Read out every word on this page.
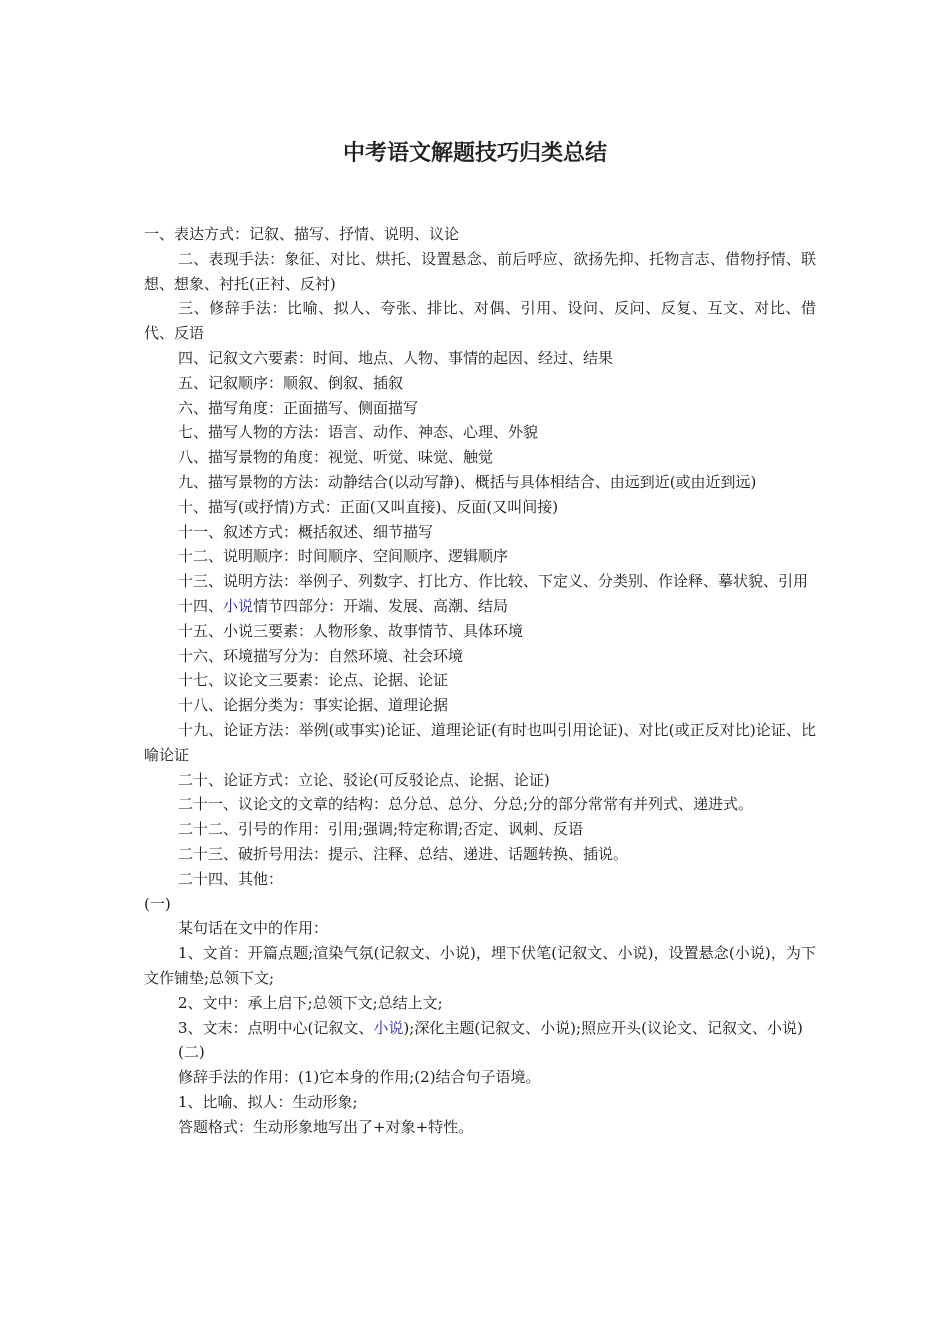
中考语文解题技巧归类总结

一、表达方式：记叙、描写、抒情、说明、议论

二、表现手法：象征、对比、烘托、设置悬念、前后呼应、欲扬先抑、托物言志、借物抒情、联想、想象、衬托(正衬、反衬)

三、修辞手法：比喻、拟人、夸张、排比、对偶、引用、设问、反问、反复、互文、对比、借代、反语

四、记叙文六要素：时间、地点、人物、事情的起因、经过、结果

五、记叙顺序：顺叙、倒叙、插叙

六、描写角度：正面描写、侧面描写

七、描写人物的方法：语言、动作、神态、心理、外貌

八、描写景物的角度：视觉、听觉、味觉、触觉

九、描写景物的方法：动静结合(以动写静)、概括与具体相结合、由远到近(或由近到远)

十、描写(或抒情)方式：正面(又叫直接)、反面(又叫间接)

十一、叙述方式：概括叙述、细节描写

十二、说明顺序：时间顺序、空间顺序、逻辑顺序

十三、说明方法：举例子、列数字、打比方、作比较、下定义、分类别、作诠释、摹状貌、引用

十四、小说情节四部分：开端、发展、高潮、结局

十五、小说三要素：人物形象、故事情节、具体环境

十六、环境描写分为：自然环境、社会环境

十七、议论文三要素：论点、论据、论证

十八、论据分类为：事实论据、道理论据

十九、论证方法：举例(或事实)论证、道理论证(有时也叫引用论证)、对比(或正反对比)论证、比喻论证

二十、论证方式：立论、驳论(可反驳论点、论据、论证)

二十一、议论文的文章的结构：总分总、总分、分总;分的部分常常有并列式、递进式。

二十二、引号的作用：引用;强调;特定称谓;否定、讽刺、反语

二十三、破折号用法：提示、注释、总结、递进、话题转换、插说。

二十四、其他：

(一)

某句话在文中的作用：

1、文首：开篇点题;渲染气氛(记叙文、小说)，埋下伏笔(记叙文、小说)，设置悬念(小说)，为下文作铺垫;总领下文;

2、文中：承上启下;总领下文;总结上文;

3、文末：点明中心(记叙文、小说);深化主题(记叙文、小说);照应开头(议论文、记叙文、小说)

(二)

修辞手法的作用：(1)它本身的作用;(2)结合句子语境。

1、比喻、拟人：生动形象;

答题格式：生动形象地写出了+对象+特性。
